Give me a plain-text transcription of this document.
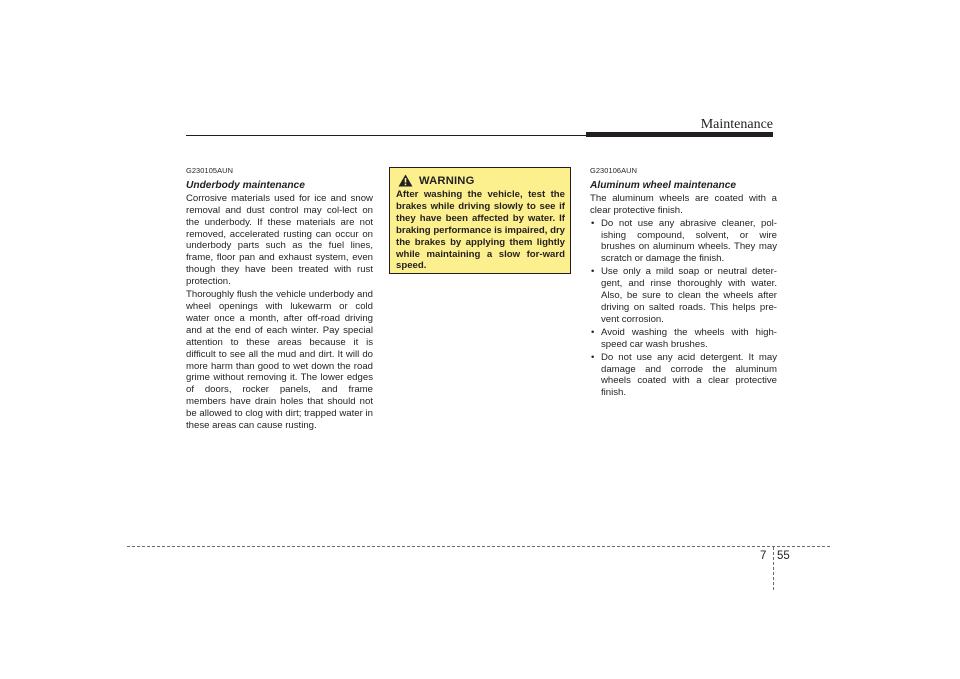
Maintenance
G230105AUN
Underbody maintenance

Corrosive materials used for ice and snow removal and dust control may col-lect on the underbody. If these materials are not removed, accelerated rusting can occur on underbody parts such as the fuel lines, frame, floor pan and exhaust system, even though they have been treated with rust protection.

Thoroughly flush the vehicle underbody and wheel openings with lukewarm or cold water once a month, after off-road driving and at the end of each winter. Pay special attention to these areas because it is difficult to see all the mud and dirt. It will do more harm than good to wet down the road grime without removing it. The lower edges of doors, rocker panels, and frame members have drain holes that should not be allowed to clog with dirt; trapped water in these areas can cause rusting.

WARNING
After washing the vehicle, test the brakes while driving slowly to see if they have been affected by water. If braking performance is impaired, dry the brakes by applying them lightly while maintaining a slow for-ward speed.
G230106AUN
Aluminum wheel maintenance

The aluminum wheels are coated with a clear protective finish.

• Do not use any abrasive cleaner, pol-ishing compound, solvent, or wire brushes on aluminum wheels. They may scratch or damage the finish.
• Use only a mild soap or neutral deter-gent, and rinse thoroughly with water. Also, be sure to clean the wheels after driving on salted roads. This helps pre-vent corrosion.
• Avoid washing the wheels with high-speed car wash brushes.
• Do not use any acid detergent. It may damage and corrode the aluminum wheels coated with a clear protective finish.
7 55
